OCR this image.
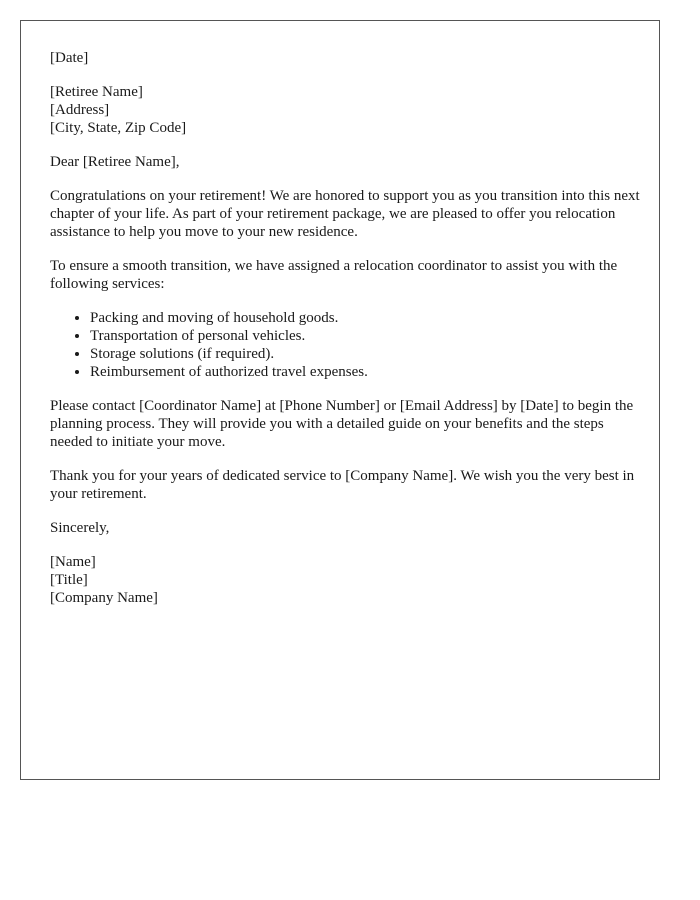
[Date]

[Retiree Name]

[Address]

[City, State, Zip Code]

Dear [Retiree Name],

Congratulations on your retirement! We are honored to support you as you transition into this next chapter of your life. As part of your retirement package, we are pleased to offer you relocation assistance to help you move to your new residence.

To ensure a smooth transition, we have assigned a relocation coordinator to assist you with the following services:

• Packing and moving of household goods.
• Transportation of personal vehicles.
• Storage solutions (if required).
• Reimbursement of authorized travel expenses.

Please contact [Coordinator Name] at [Phone Number] or [Email Address] by [Date] to begin the planning process. They will provide you with a detailed guide on your benefits and the steps needed to initiate your move.

Thank you for your years of dedicated service to [Company Name]. We wish you the very best in your retirement.

Sincerely,

[Name]

[Title]

[Company Name]
